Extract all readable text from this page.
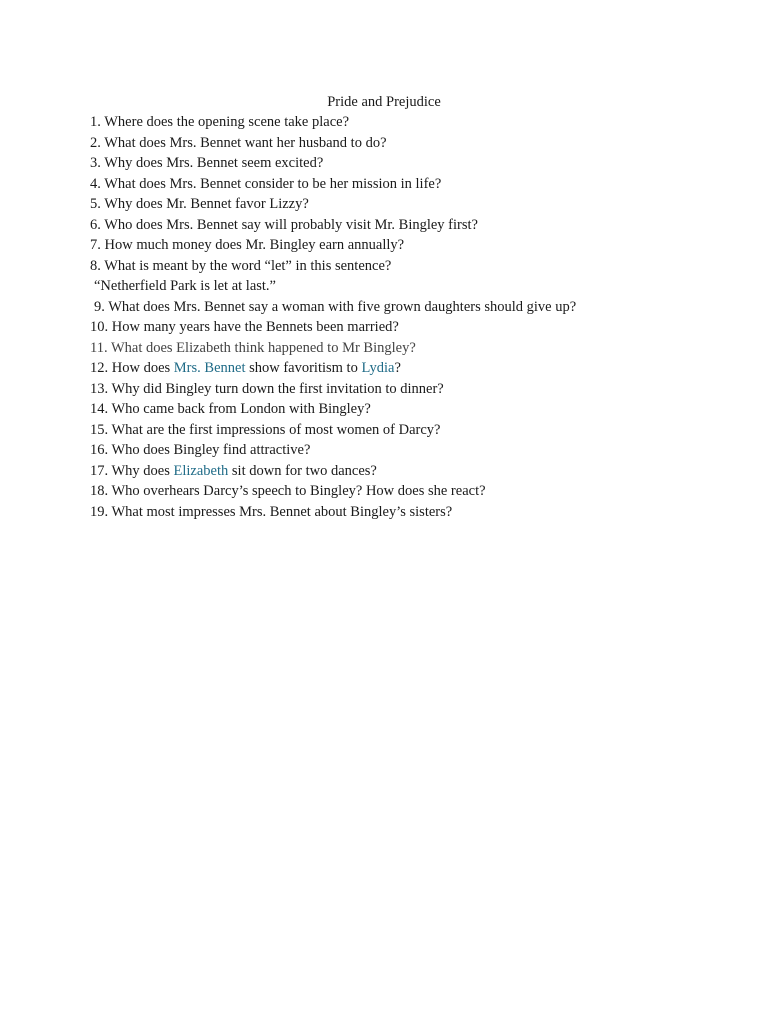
Pride and Prejudice

1. Where does the opening scene take place?

2. What does Mrs. Bennet want her husband to do?

3. Why does Mrs. Bennet seem excited?

4. What does Mrs. Bennet consider to be her mission in life?

5. Why does Mr. Bennet favor Lizzy?

6. Who does Mrs. Bennet say will probably visit Mr. Bingley first?

7. How much money does Mr. Bingley earn annually?

8. What is meant by the word “let” in this sentence?

“Netherfield Park is let at last.”

9. What does Mrs. Bennet say a woman with five grown daughters should give up?

10. How many years have the Bennets been married?

11. What does Elizabeth think happened to Mr Bingley?

12. How does Mrs. Bennet show favoritism to Lydia?

13. Why did Bingley turn down the first invitation to dinner?

14. Who came back from London with Bingley?

15. What are the first impressions of most women of Darcy?

16. Who does Bingley find attractive?

17. Why does Elizabeth sit down for two dances?

18. Who overhears Darcy’s speech to Bingley? How does she react?

19. What most impresses Mrs. Bennet about Bingley’s sisters?
